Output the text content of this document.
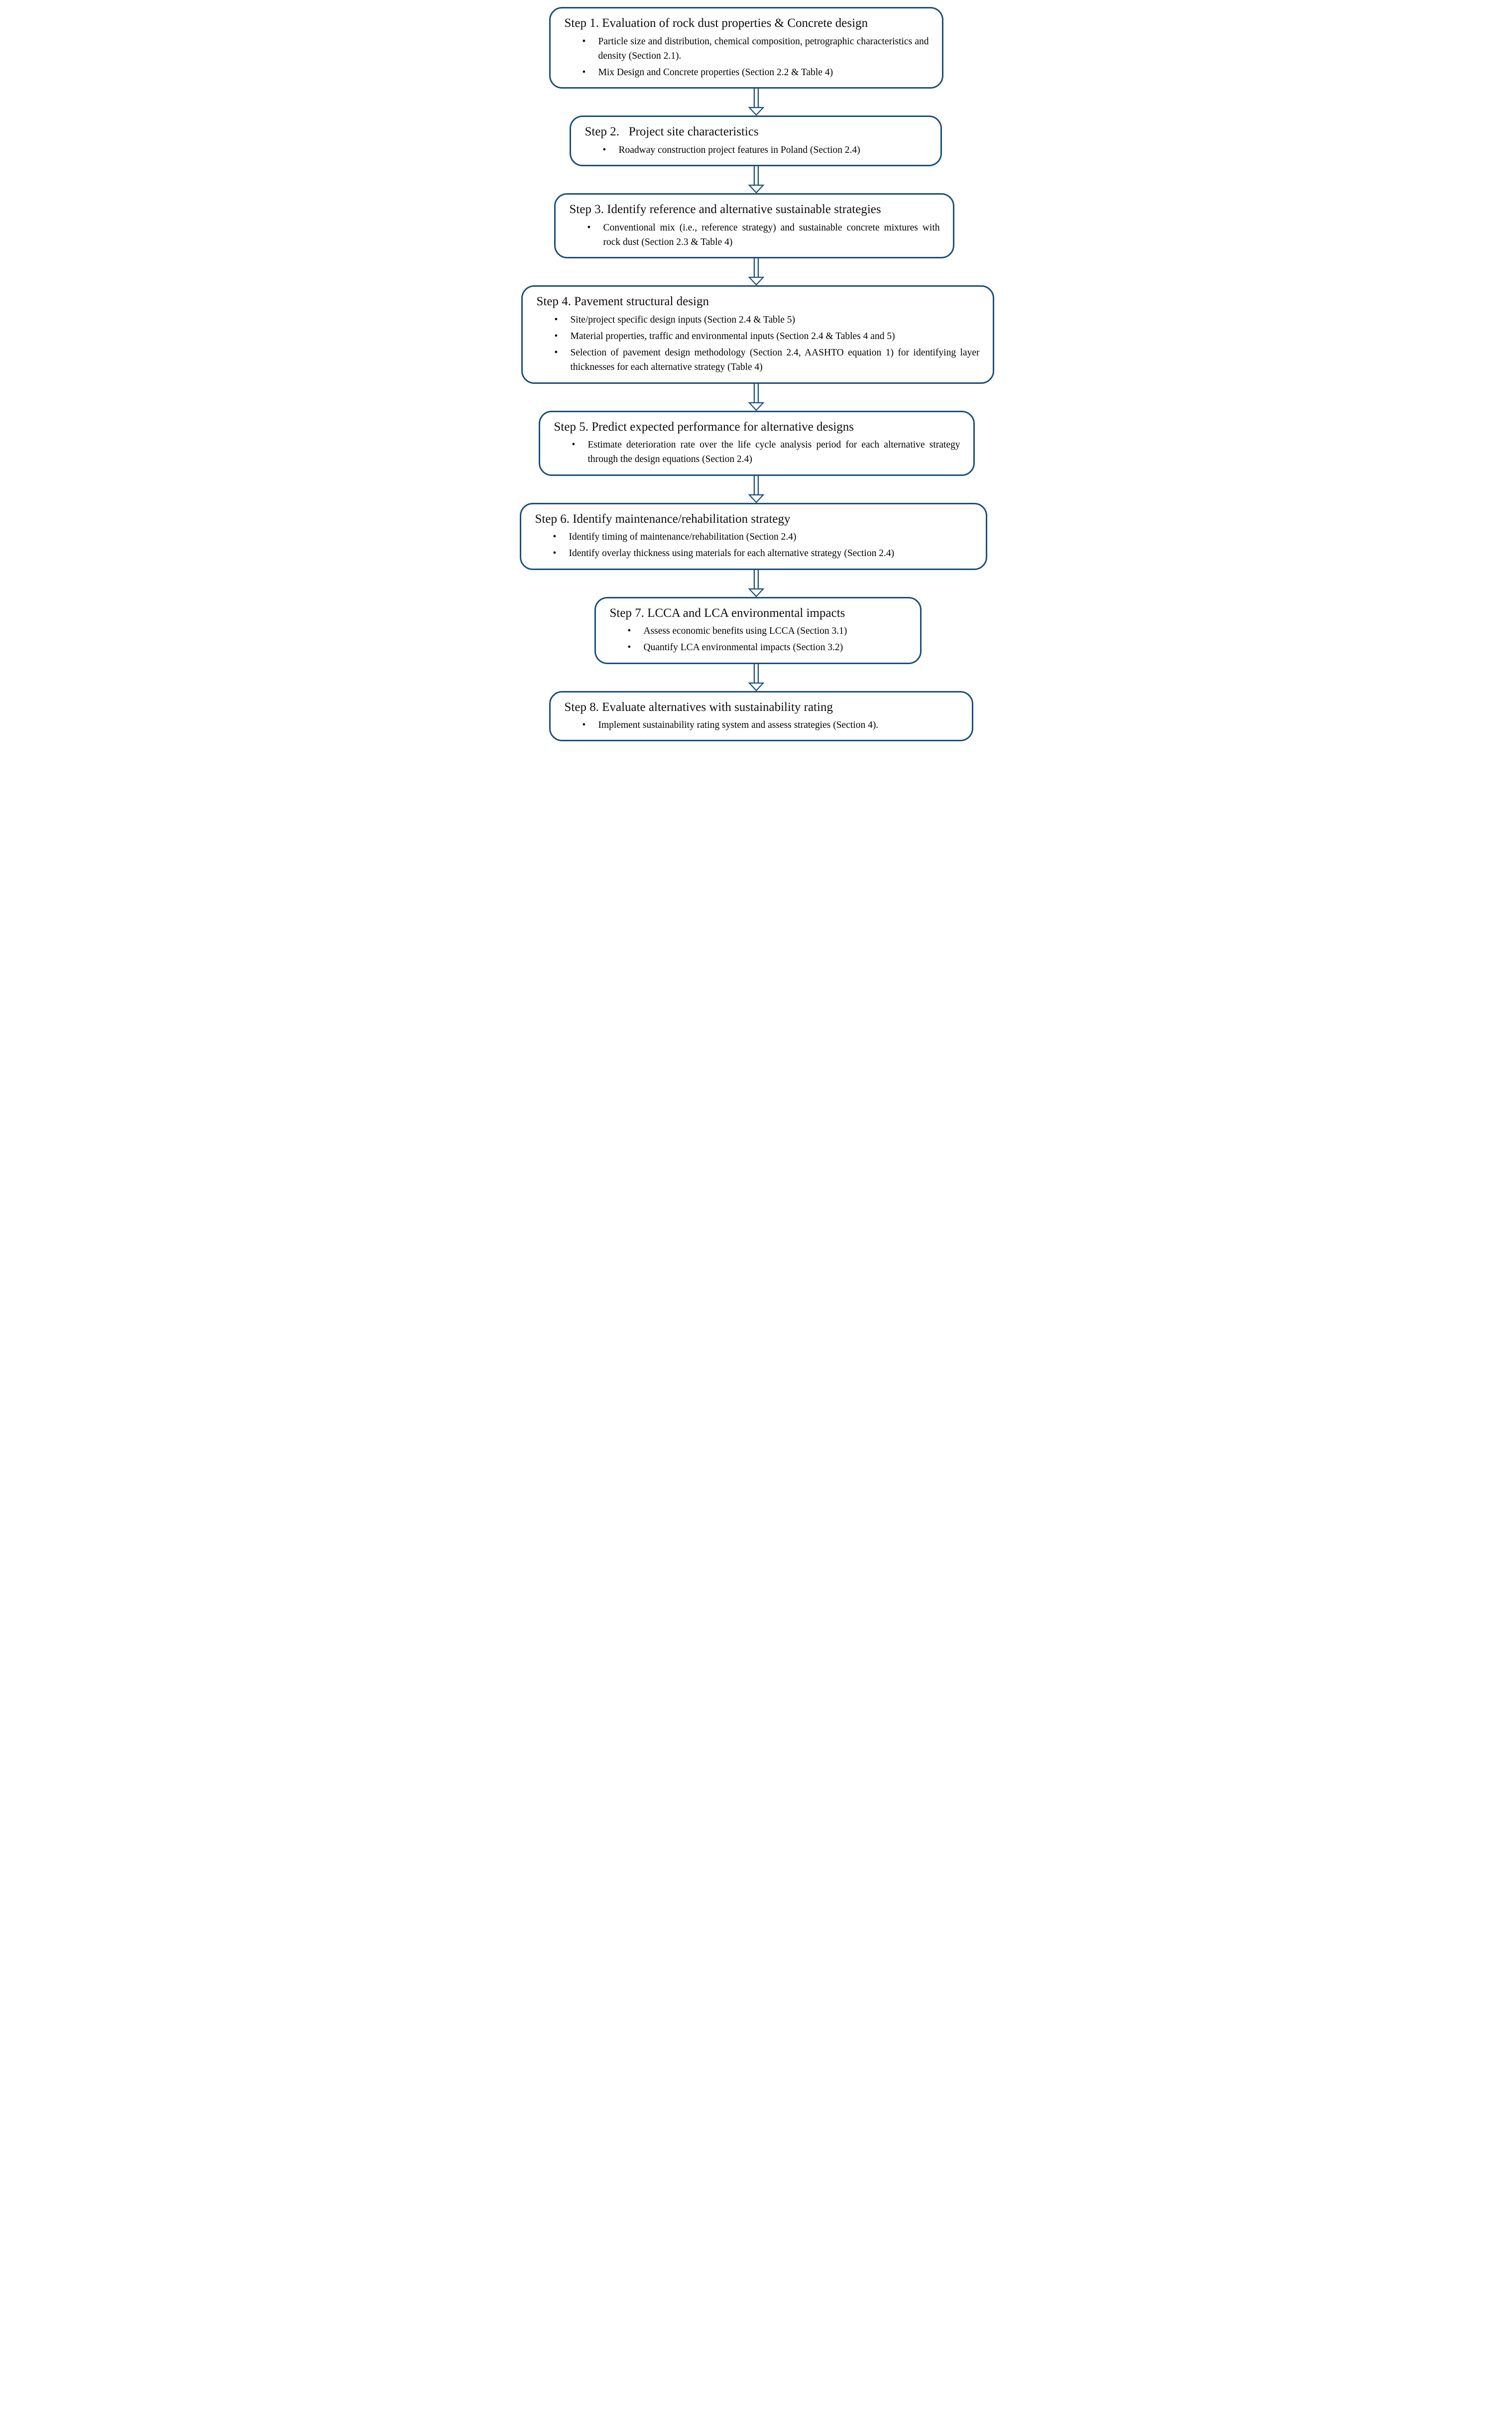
Step 1. Evaluation of rock dust properties & Concrete design
•	Particle size and distribution, chemical composition, petrographic characteristics and density (Section 2.1).
•	Mix Design and Concrete properties (Section 2.2 & Table 4)
Step 2.   Project site characteristics
•	Roadway construction project features in Poland (Section 2.4)
Step 3. Identify reference and alternative sustainable strategies
•	Conventional mix (i.e., reference strategy) and sustainable concrete mixtures with rock dust (Section 2.3 & Table 4)
Step 4. Pavement structural design
•	Site/project specific design inputs (Section 2.4 & Table 5)
•	Material properties, traffic and environmental inputs (Section 2.4 & Tables 4 and 5)
•	Selection of pavement design methodology (Section 2.4, AASHTO equation 1) for identifying layer thicknesses for each alternative strategy (Table 4)
Step 5. Predict expected performance for alternative designs
•	Estimate deterioration rate over the life cycle analysis period for each alternative strategy through the design equations (Section 2.4)
Step 6. Identify maintenance/rehabilitation strategy
•	Identify timing of maintenance/rehabilitation (Section 2.4)
•	Identify overlay thickness using materials for each alternative strategy (Section 2.4)
Step 7. LCCA and LCA environmental impacts
•	Assess economic benefits using LCCA (Section 3.1)
•	Quantify LCA environmental impacts (Section 3.2)
Step 8. Evaluate alternatives with sustainability rating
•	Implement sustainability rating system and assess strategies (Section 4).
